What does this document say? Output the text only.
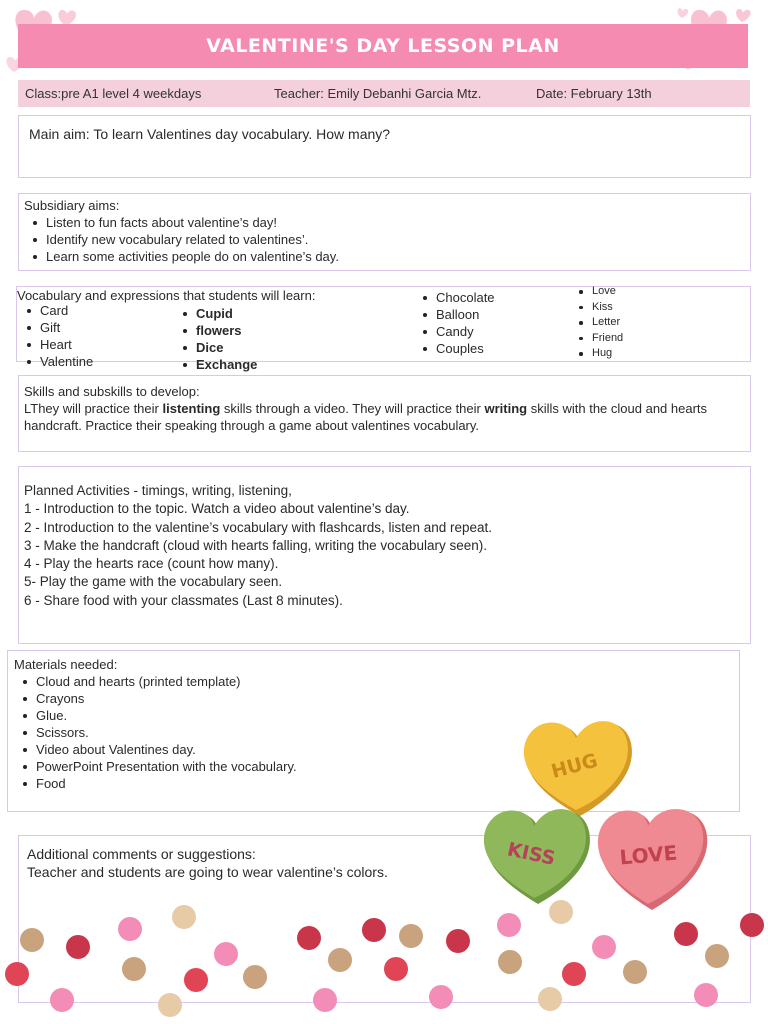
VALENTINE'S DAY LESSON PLAN
Class:pre A1 level 4 weekdays	Teacher: Emily Debanhi Garcia Mtz.	Date: February 13th
Main aim: To learn Valentines day vocabulary. How many?
Subsidiary aims:
Listen to fun facts about valentine’s day!
Identify new vocabulary related to valentines’.
Learn some activities people do on valentine’s day.
Vocabulary and expressions that students will learn:
Card
Gift
Heart
Valentine
Cupid
flowers
Dice
Exchange
Chocolate
Balloon
Candy
Couples
Love
Kiss
Letter
Friend
Hug
Skills and subskills to develop:
LThey will practice their listenting skills through a video. They will practice their writing skills with the cloud and hearts handcraft. Practice their speaking through a game about valentines vocabulary.
Planned Activities - timings, writing, listening,
1 - Introduction to the topic. Watch a video about valentine’s day.
2 - Introduction to the valentine’s vocabulary with flashcards, listen and repeat.
3 - Make the handcraft (cloud with hearts falling, writing the vocabulary seen).
4 - Play the hearts race (count how many).
5- Play the game with the vocabulary seen.
6 - Share food with your classmates (Last 8 minutes).
Materials needed:
Cloud and hearts (printed template)
Crayons
Glue.
Scissors.
Video about Valentines day.
PowerPoint Presentation with the vocabulary.
Food
Additional comments or suggestions:
Teacher and students are going to wear valentine’s colors.
HUG
KISS	LOVE
